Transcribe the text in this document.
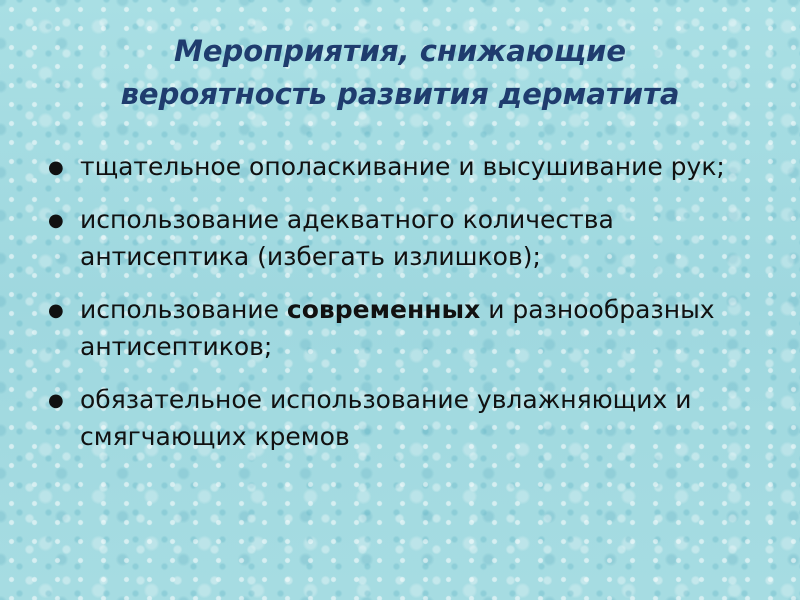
Мероприятия, снижающие
вероятность развития дерматита
● тщательное ополаскивание и высушивание рук;
● использование адекватного количества антисептика (избегать излишков);
● использование современных и разнообразных антисептиков;
● обязательное использование увлажняющих и смягчающих кремов
